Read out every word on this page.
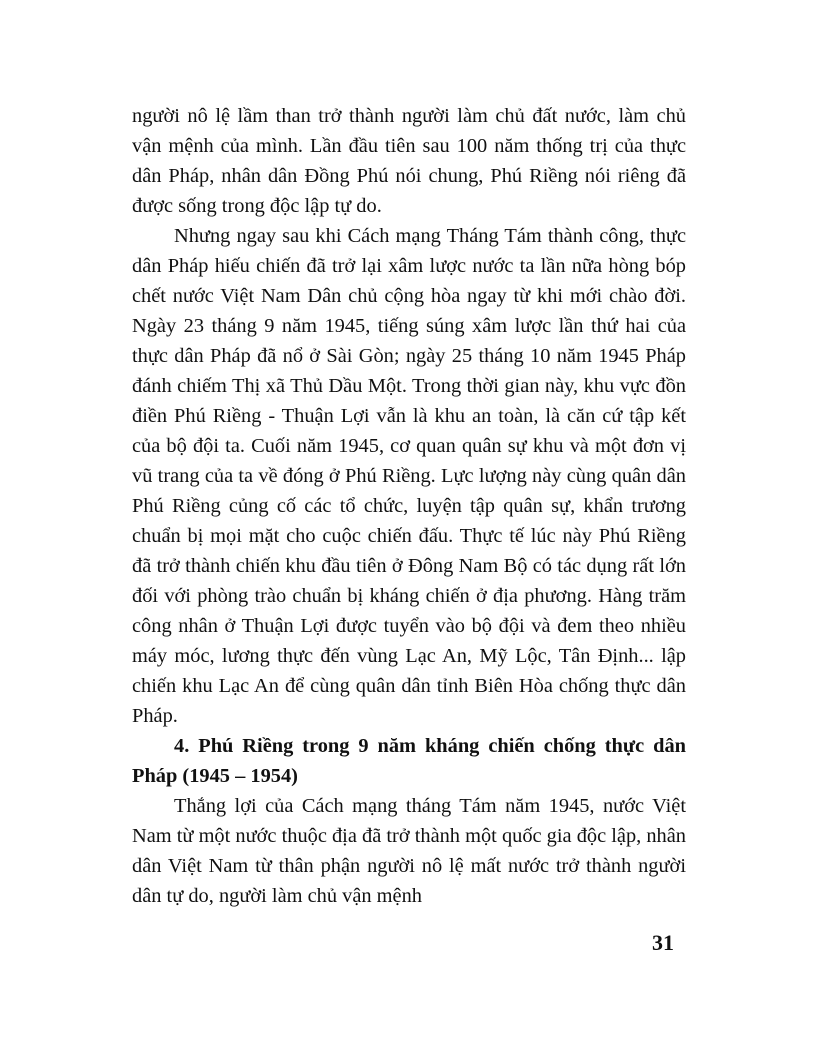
người nô lệ lầm than trở thành người làm chủ đất nước, làm chủ vận mệnh của mình. Lần đầu tiên sau 100 năm thống trị của thực dân Pháp, nhân dân Đồng Phú nói chung, Phú Riềng nói riêng đã được sống trong độc lập tự do.

Nhưng ngay sau khi Cách mạng Tháng Tám thành công, thực dân Pháp hiếu chiến đã trở lại xâm lược nước ta lần nữa hòng bóp chết nước Việt Nam Dân chủ cộng hòa ngay từ khi mới chào đời. Ngày 23 tháng 9 năm 1945, tiếng súng xâm lược lần thứ hai của thực dân Pháp đã nổ ở Sài Gòn; ngày 25 tháng 10 năm 1945 Pháp đánh chiếm Thị xã Thủ Dầu Một. Trong thời gian này, khu vực đồn điền Phú Riềng - Thuận Lợi vẫn là khu an toàn, là căn cứ tập kết của bộ đội ta. Cuối năm 1945, cơ quan quân sự khu và một đơn vị vũ trang của ta về đóng ở Phú Riềng. Lực lượng này cùng quân dân Phú Riềng củng cố các tổ chức, luyện tập quân sự, khẩn trương chuẩn bị mọi mặt cho cuộc chiến đấu. Thực tế lúc này Phú Riềng đã trở thành chiến khu đầu tiên ở Đông Nam Bộ có tác dụng rất lớn đối với phòng trào chuẩn bị kháng chiến ở địa phương. Hàng trăm công nhân ở Thuận Lợi được tuyển vào bộ đội và đem theo nhiều máy móc, lương thực đến vùng Lạc An, Mỹ Lộc, Tân Định... lập chiến khu Lạc An để cùng quân dân tỉnh Biên Hòa chống thực dân Pháp.

4. Phú Riềng trong 9 năm kháng chiến chống thực dân Pháp (1945 – 1954)

Thắng lợi của Cách mạng tháng Tám năm 1945, nước Việt Nam từ một nước thuộc địa đã trở thành một quốc gia độc lập, nhân dân Việt Nam từ thân phận người nô lệ mất nước trở thành người dân tự do, người làm chủ vận mệnh

31
